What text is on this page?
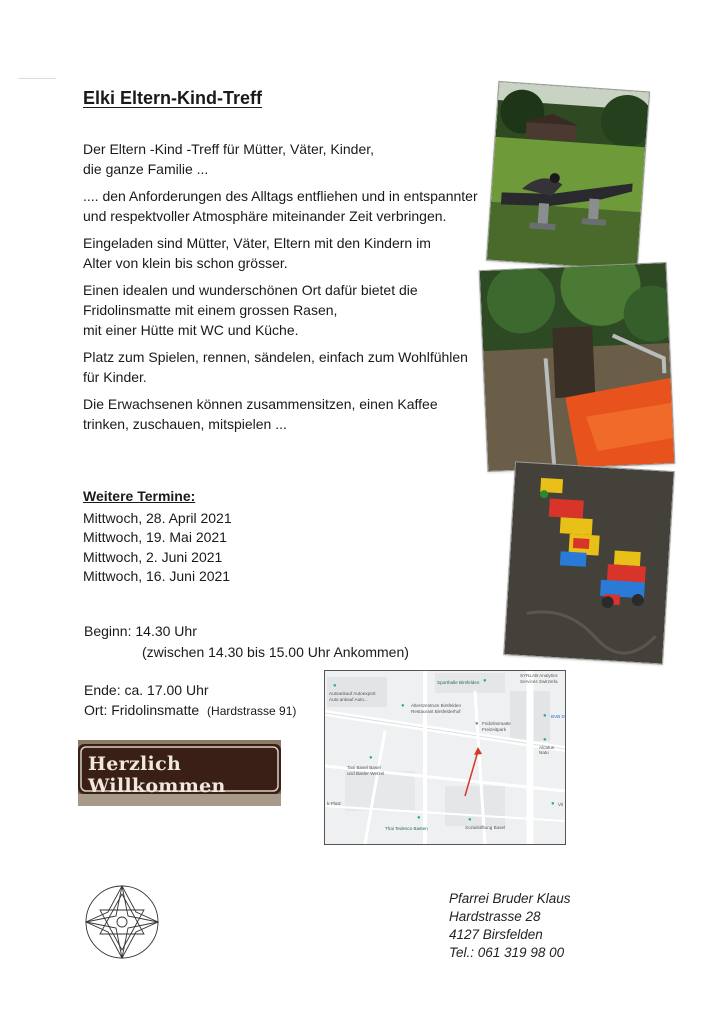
Elki Eltern-Kind-Treff

Der Eltern -Kind -Treff für Mütter, Väter, Kinder,
die ganze Familie ...

.... den Anforderungen des Alltags entfliehen und in entspannter
und respektvoller Atmosphäre miteinander Zeit verbringen.

Eingeladen sind Mütter, Väter, Eltern mit den Kindern im
Alter von klein bis schon grösser.

Einen idealen und wunderschönen Ort dafür bietet die
Fridolinsmatte mit einem grossen Rasen,
mit einer Hütte mit WC und Küche.

Platz zum Spielen, rennen, sändelen, einfach zum Wohlfühlen
für Kinder.

Die Erwachsenen können zusammensitzen, einen Kaffee
trinken, zuschauen, mitspielen ...

Weitere Termine:
Mittwoch, 28. April 2021
Mittwoch, 19. Mai 2021
Mittwoch, 2. Juni 2021
Mittwoch, 16. Juni 2021
Beginn: 14.30 Uhr
(zwischen 14.30 bis 15.00 Uhr Ankommen)
Ende: ca. 17.00 Uhr
Ort: Fridolinsmatte (Hardstrasse 91)
Herzlich Willkommen
●
Sporthalle Birsfelden
SYNLAB Analytics
Services Switzerla
●
Autoankauf Autoexport
Auto ankauf Auto...
● Alterszentrum Birsfelden
Restaurant Birsfelderhof
● Fridolinsmatte
Freizeitpark
● BVB D
●
Alcatus Natu
●
Taxi Basel Basel
und Basler Wetzel
k-Platz
●
Sozialstiftung Basel
●
Thai Tedesco Basten
● Vil
Pfarrei Bruder Klaus
Hardstrasse 28
4127 Birsfelden
Tel.: 061 319 98 00
